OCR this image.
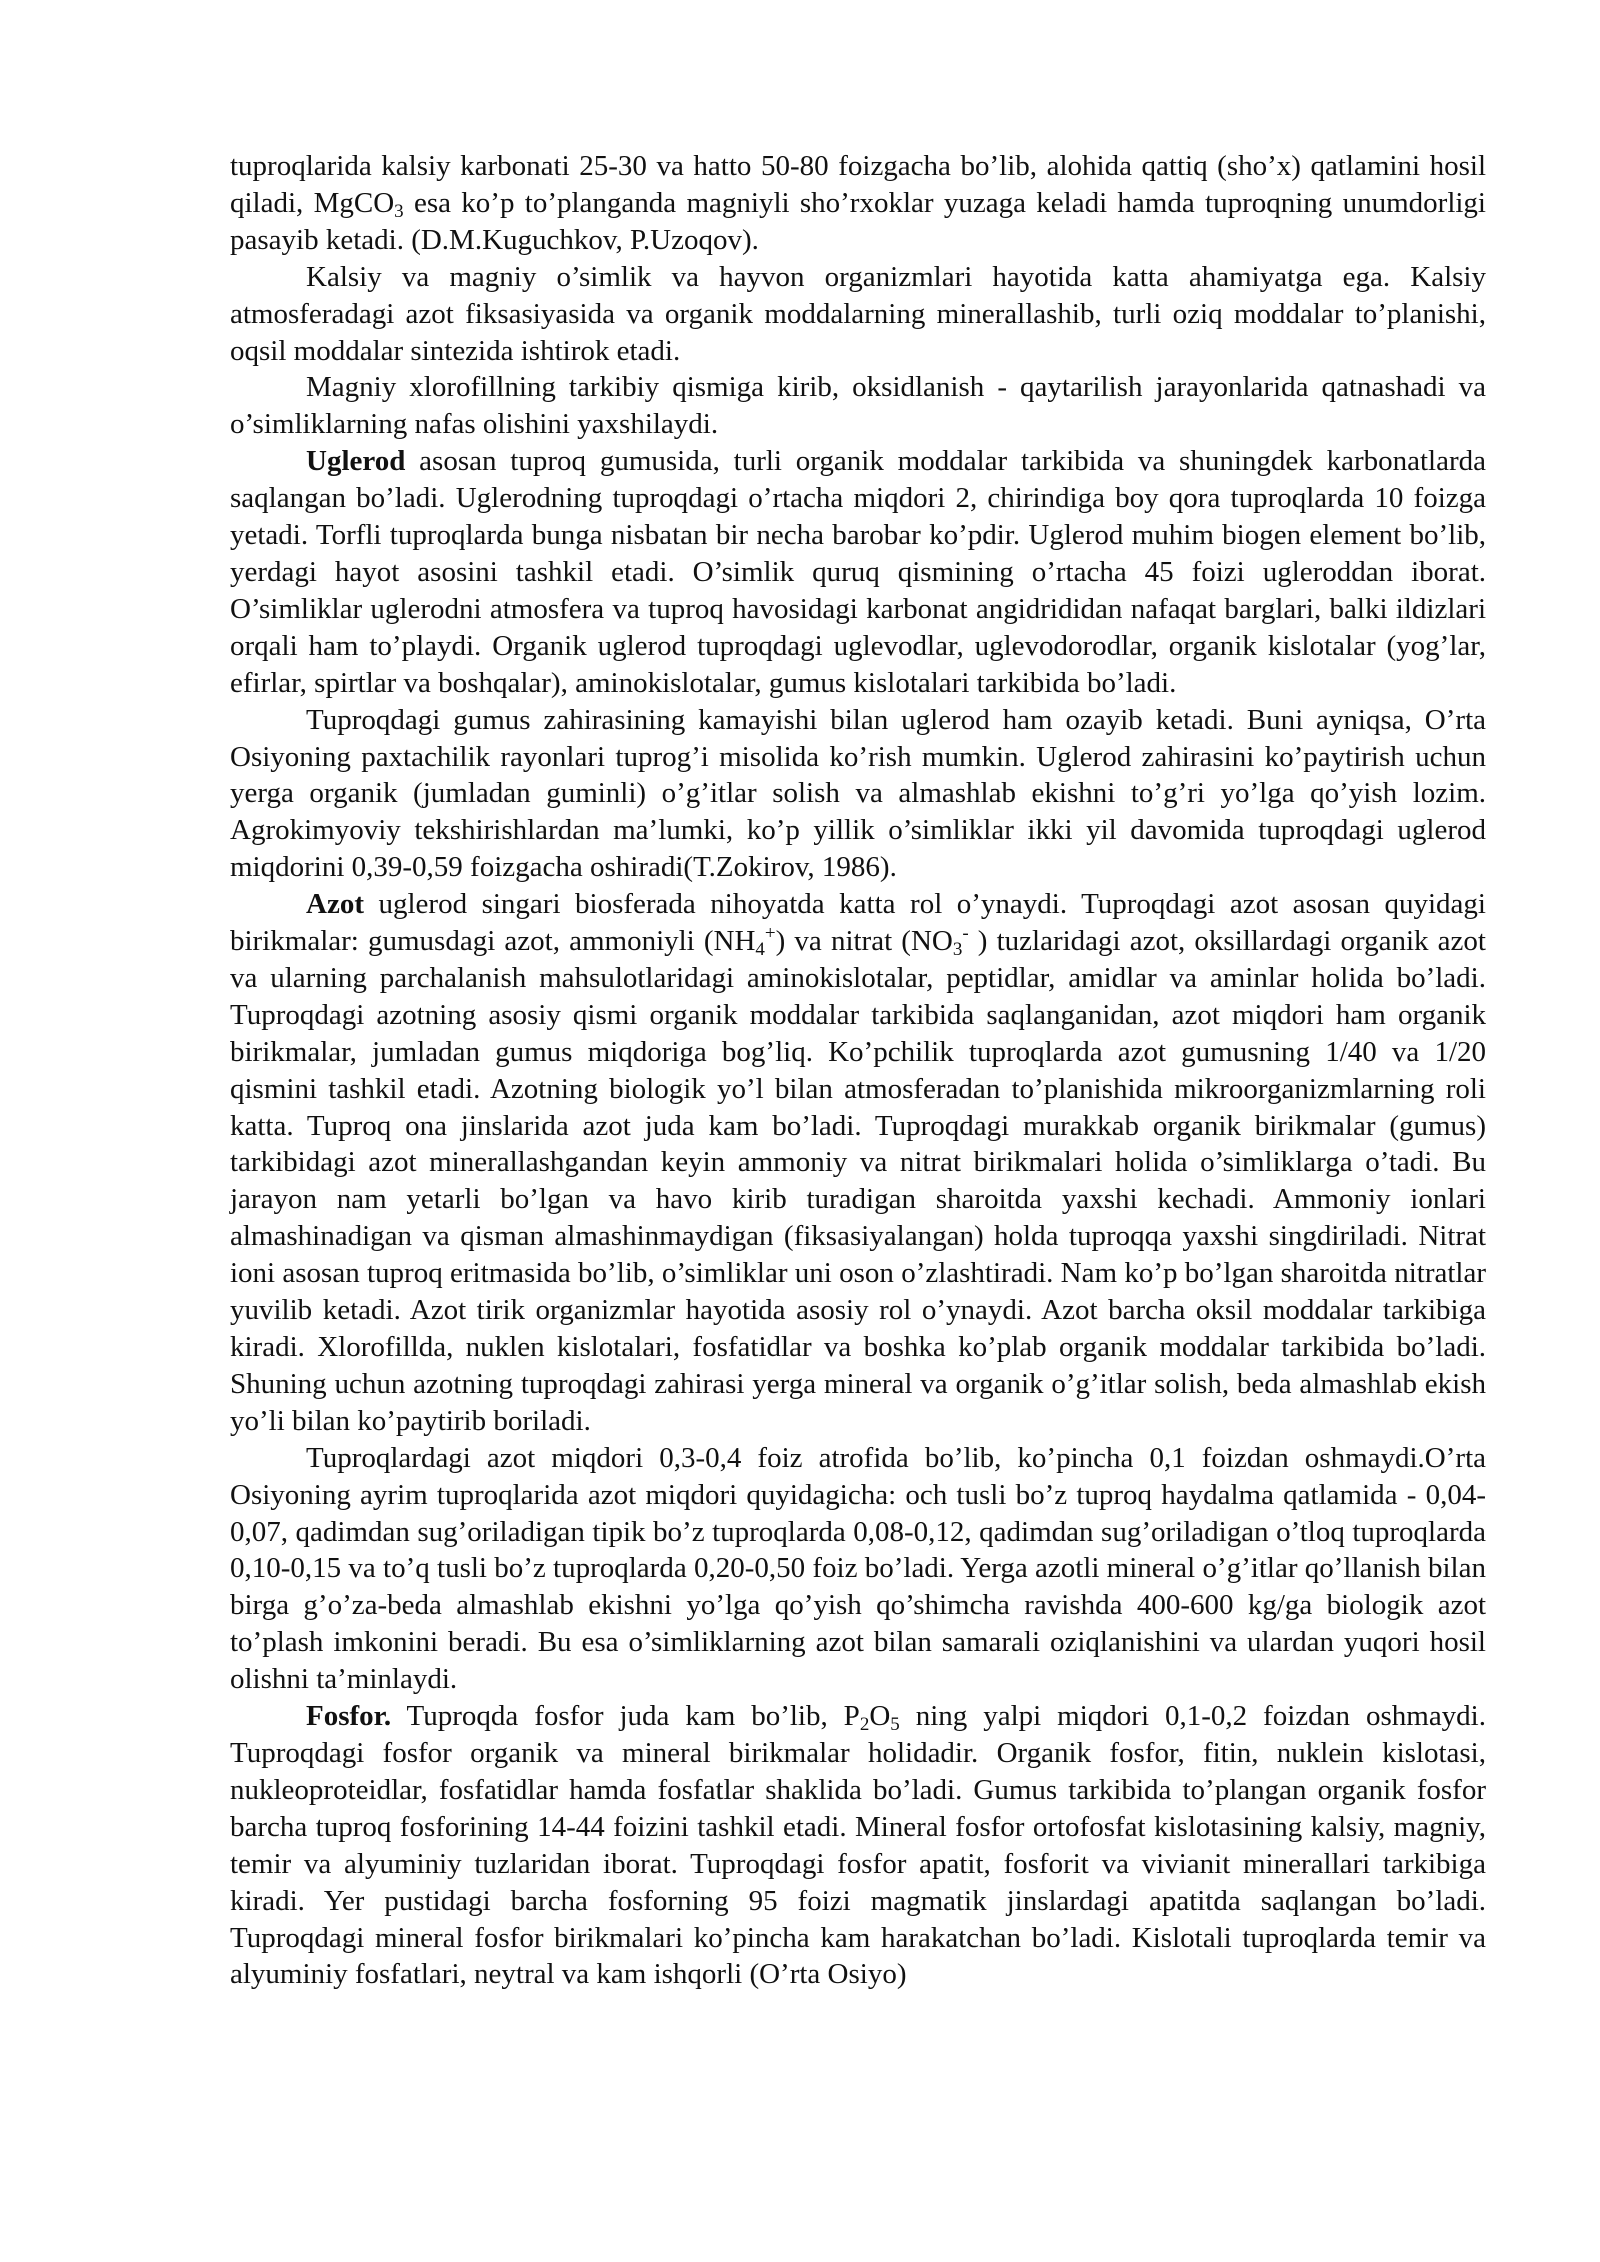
tuproqlarida kalsiy karbonati 25-30 va hatto 50-80 foizgacha bo’lib, alohida qattiq (sho’x) qatlamini hosil qiladi, MgCO$_3$ esa ko’p to’planganda magniyli sho’rxoklar yuzaga keladi hamda tuproqning unumdorligi pasayib ketadi. (D.M.Kuguchkov, P.Uzoqov).

Kalsiy va magniy o’simlik va hayvon organizmlari hayotida katta ahamiyatga ega. Kalsiy atmosferadagi azot fiksasiyasida va organik moddalarning minerallashib, turli oziq moddalar to’planishi, oqsil moddalar sintezida ishtirok etadi.

Magniy xlorofillning tarkibiy qismiga kirib, oksidlanish - qaytarilish jarayonlarida qatnashadi va o’simliklarning nafas olishini yaxshilaydi.

Uglerod asosan tuproq gumusida, turli organik moddalar tarkibida va shuningdek karbonatlarda saqlangan bo’ladi. Uglerodning tuproqdagi o’rtacha miqdori 2, chirindiga boy qora tuproqlarda 10 foizga yetadi. Torfli tuproqlarda bunga nisbatan bir necha barobar ko’pdir. Uglerod muhim biogen element bo’lib, yerdagi hayot asosini tashkil etadi. O’simlik quruq qismining o’rtacha 45 foizi ugleroddan iborat. O’simliklar uglerodni atmosfera va tuproq havosidagi karbonat angidrididan nafaqat barglari, balki ildizlari orqali ham to’playdi. Organik uglerod tuproqdagi uglevodlar, uglevodorodlar, organik kislotalar (yog’lar, efirlar, spirtlar va boshqalar), aminokislotalar, gumus kislotalari tarkibida bo’ladi.

Tuproqdagi gumus zahirasining kamayishi bilan uglerod ham ozayib ketadi. Buni ayniqsa, O’rta Osiyoning paxtachilik rayonlari tuprog’i misolida ko’rish mumkin. Uglerod zahirasini ko’paytirish uchun yerga organik (jumladan guminli) o’g’itlar solish va almashlab ekishni to’g’ri yo’lga qo’yish lozim. Agrokimyoviy tekshirishlardan ma’lumki, ko’p yillik o’simliklar ikki yil davomida tuproqdagi uglerod miqdorini 0,39-0,59 foizgacha oshiradi(T.Zokirov, 1986).

Azot uglerod singari biosferada nihoyatda katta rol o’ynaydi. Tuproqdagi azot asosan quyidagi birikmalar: gumusdagi azot, ammoniyli $(NH_4^+)$ va nitrat ($NO_3^-$ ) tuzlaridagi azot, oksillardagi organik azot va ularning parchalanish mahsulotlaridagi aminokislotalar, peptidlar, amidlar va aminlar holida bo’ladi. Tuproqdagi azotning asosiy qismi organik moddalar tarkibida saqlanganidan, azot miqdori ham organik birikmalar, jumladan gumus miqdoriga bog’liq. Ko’pchilik tuproqlarda azot gumusning 1/40 va 1/20 qismini tashkil etadi. Azotning biologik yo’l bilan atmosferadan to’planishida mikroorganizmlarning roli katta. Tuproq ona jinslarida azot juda kam bo’ladi. Tuproqdagi murakkab organik birikmalar (gumus) tarkibidagi azot minerallashgandan keyin ammoniy va nitrat birikmalari holida o’simliklarga o’tadi. Bu jarayon nam yetarli bo’lgan va havo kirib turadigan sharoitda yaxshi kechadi. Ammoniy ionlari almashinadigan va qisman almashinmaydigan (fiksasiyalangan) holda tuproqqa yaxshi singdiriladi. Nitrat ioni asosan tuproq eritmasida bo’lib, o’simliklar uni oson o’zlashtiradi. Nam ko’p bo’lgan sharoitda nitratlar yuvilib ketadi. Azot tirik organizmlar hayotida asosiy rol o’ynaydi. Azot barcha oksil moddalar tarkibiga kiradi. Xlorofillda, nuklen kislotalari, fosfatidlar va boshka ko’plab organik moddalar tarkibida bo’ladi. Shuning uchun azotning tuproqdagi zahirasi yerga mineral va organik o’g’itlar solish, beda almashlab ekish yo’li bilan ko’paytirib boriladi.

Tuproqlardagi azot miqdori 0,3-0,4 foiz atrofida bo’lib, ko’pincha 0,1 foizdan oshmaydi.O’rta Osiyoning ayrim tuproqlarida azot miqdori quyidagicha: och tusli bo’z tuproq haydalma qatlamida - 0,04-0,07, qadimdan sug’oriladigan tipik bo’z tuproqlarda 0,08-0,12, qadimdan sug’oriladigan o’tloq tuproqlarda 0,10-0,15 va to’q tusli bo’z tuproqlarda 0,20-0,50 foiz bo’ladi. Yerga azotli mineral o’g’itlar qo’llanish bilan birga g’o’za-beda almashlab ekishni yo’lga qo’yish qo’shimcha ravishda 400-600 kg/ga biologik azot to’plash imkonini beradi. Bu esa o’simliklarning azot bilan samarali oziqlanishini va ulardan yuqori hosil olishni ta’minlaydi.

Fosfor. Tuproqda fosfor juda kam bo’lib, $P_2O_5$ ning yalpi miqdori 0,1-0,2 foizdan oshmaydi. Tuproqdagi fosfor organik va mineral birikmalar holidadir. Organik fosfor, fitin, nuklein kislotasi, nukleoproteidlar, fosfatidlar hamda fosfatlar shaklida bo’ladi. Gumus tarkibida to’plangan organik fosfor barcha tuproq fosforining 14-44 foizini tashkil etadi. Mineral fosfor ortofosfat kislotasining kalsiy, magniy, temir va alyuminiy tuzlaridan iborat. Tuproqdagi fosfor apatit, fosforit va vivianit minerallari tarkibiga kiradi. Yer pustidagi barcha fosforning 95 foizi magmatik jinslardagi apatitda saqlangan bo’ladi. Tuproqdagi mineral fosfor birikmalari ko’pincha kam harakatchan bo’ladi. Kislotali tuproqlarda temir va alyuminiy fosfatlari, neytral va kam ishqorli (O’rta Osiyo)
